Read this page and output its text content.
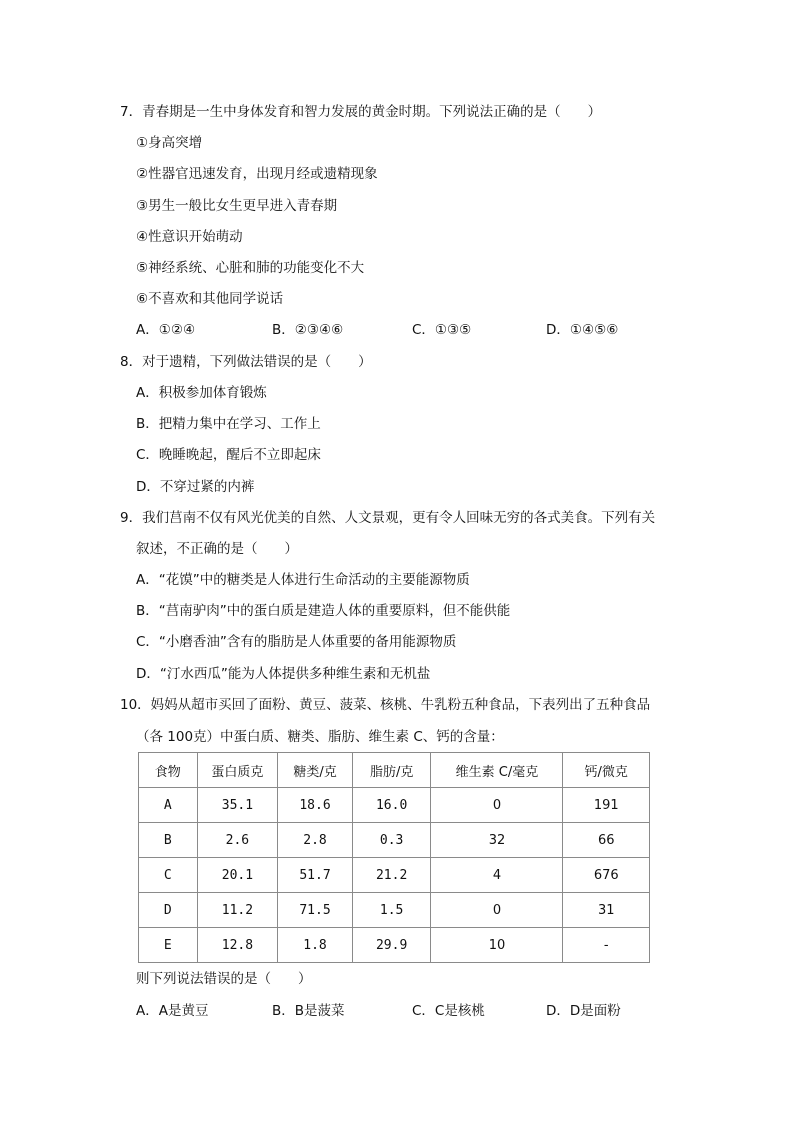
7．青春期是一生中身体发育和智力发展的黄金时期。下列说法正确的是（　　）
①身高突增
②性器官迅速发育，出现月经或遗精现象
③男生一般比女生更早进入青春期
④性意识开始萌动
⑤神经系统、心脏和肺的功能变化不大
⑥不喜欢和其他同学说话
A．①②④	B．②③④⑥	C．①③⑤	D．①④⑤⑥
8．对于遗精，下列做法错误的是（　　）
A．积极参加体育锻炼
B．把精力集中在学习、工作上
C．晚睡晚起，醒后不立即起床
D．不穿过紧的内裤
9．我们莒南不仅有风光优美的自然、人文景观，更有令人回味无穷的各式美食。下列有关
叙述，不正确的是（　　）
A．“花馍”中的糖类是人体进行生命活动的主要能源物质
B．“莒南驴肉”中的蛋白质是建造人体的重要原料，但不能供能
C．“小磨香油”含有的脂肪是人体重要的备用能源物质
D．“汀水西瓜”能为人体提供多种维生素和无机盐
10．妈妈从超市买回了面粉、黄豆、菠菜、核桃、牛乳粉五种食品，下表列出了五种食品
（各 100克）中蛋白质、糖类、脂肪、维生素 C、钙的含量：
食物	蛋白质克	糖类/克	脂肪/克	维生素 C/毫克	钙/微克
A	35.1	18.6	16.0	0	191
B	2.6	2.8	0.3	32	66
C	20.1	51.7	21.2	4	676
D	11.2	71.5	1.5	0	31
E	12.8	1.8	29.9	10	-
则下列说法错误的是（　　）
A．A是黄豆	B．B是菠菜	C．C是核桃	D．D是面粉
